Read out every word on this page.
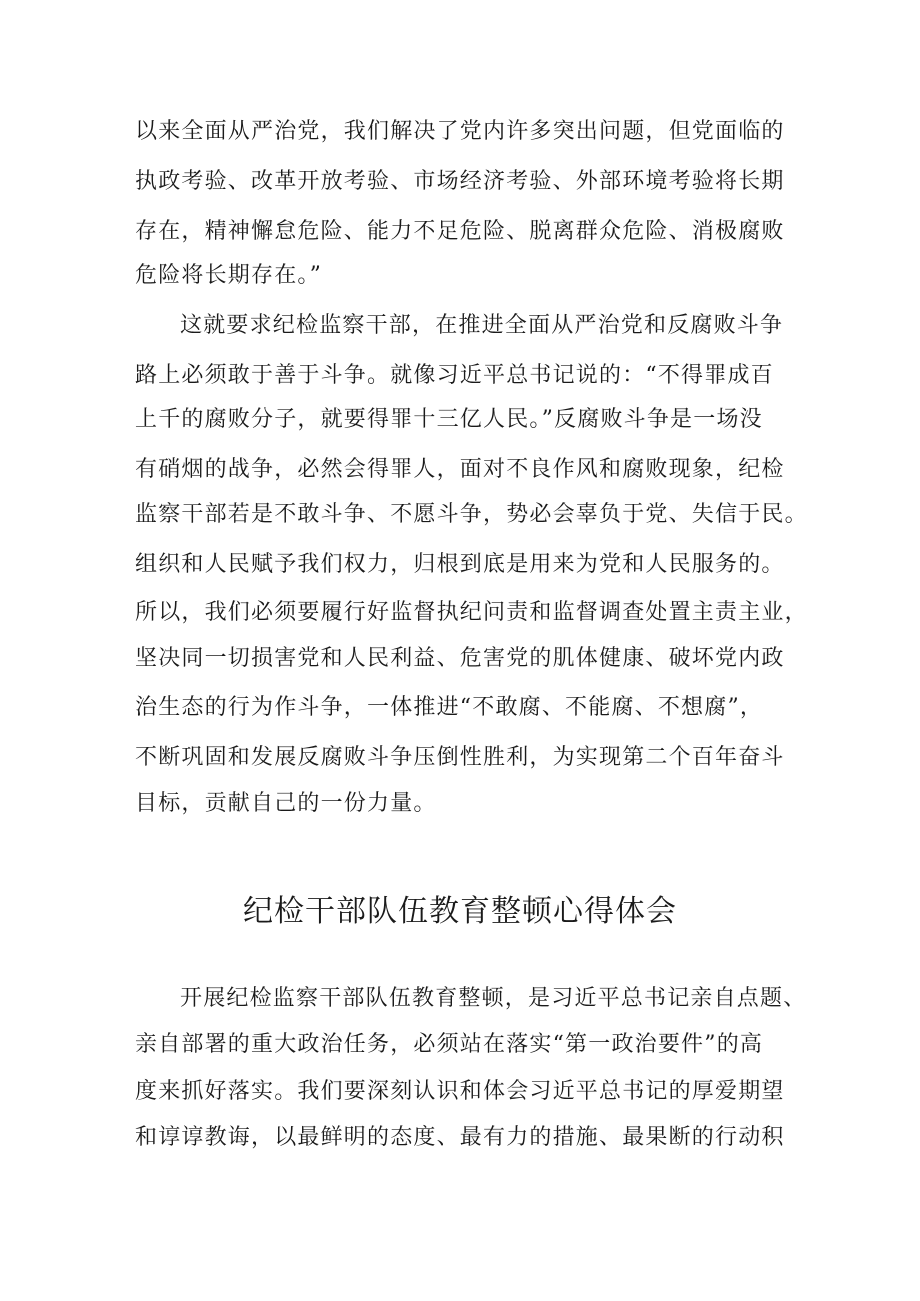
以来全面从严治党，我们解决了党内许多突出问题，但党面临的
执政考验、改革开放考验、市场经济考验、外部环境考验将长期
存在，精神懈怠危险、能力不足危险、脱离群众危险、消极腐败
危险将长期存在。”
这就要求纪检监察干部，在推进全面从严治党和反腐败斗争
路上必须敢于善于斗争。就像习近平总书记说的：“不得罪成百
上千的腐败分子，就要得罪十三亿人民。”反腐败斗争是一场没
有硝烟的战争，必然会得罪人，面对不良作风和腐败现象，纪检
监察干部若是不敢斗争、不愿斗争，势必会辜负于党、失信于民。
组织和人民赋予我们权力，归根到底是用来为党和人民服务的。
所以，我们必须要履行好监督执纪问责和监督调查处置主责主业，
坚决同一切损害党和人民利益、危害党的肌体健康、破坏党内政
治生态的行为作斗争，一体推进“不敢腐、不能腐、不想腐”，
不断巩固和发展反腐败斗争压倒性胜利，为实现第二个百年奋斗
目标，贡献自己的一份力量。
纪检干部队伍教育整顿心得体会
开展纪检监察干部队伍教育整顿，是习近平总书记亲自点题、
亲自部署的重大政治任务，必须站在落实“第一政治要件”的高
度来抓好落实。我们要深刻认识和体会习近平总书记的厚爱期望
和谆谆教诲，以最鲜明的态度、最有力的措施、最果断的行动积
